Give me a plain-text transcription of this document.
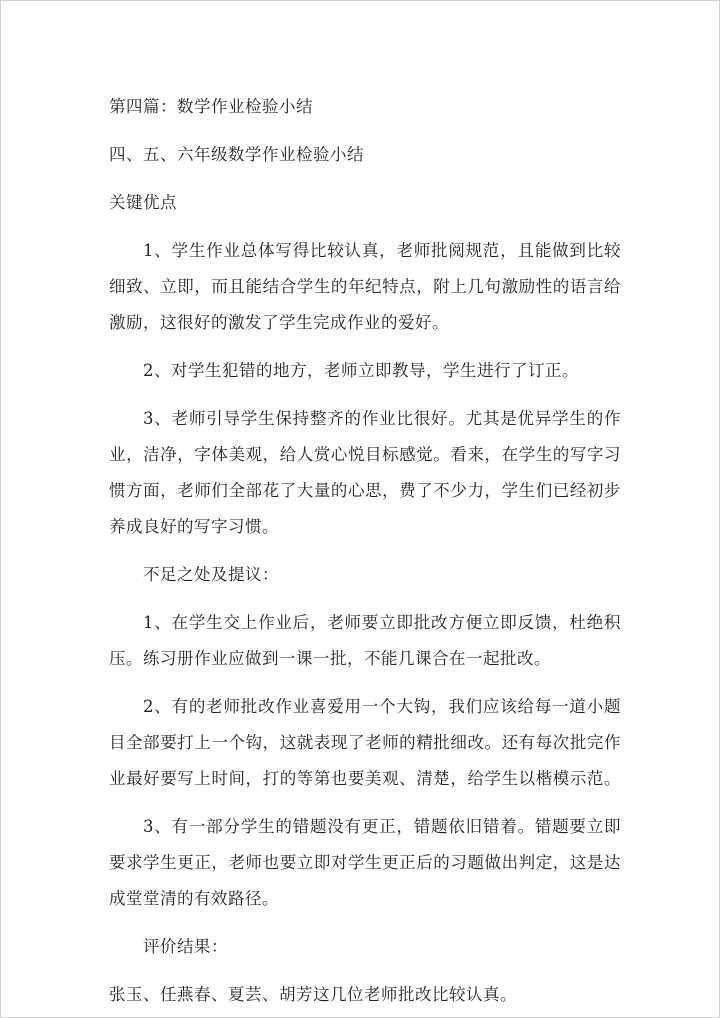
第四篇：数学作业检验小结
四、五、六年级数学作业检验小结
关键优点
1、学生作业总体写得比较认真，老师批阅规范，且能做到比较
细致、立即，而且能结合学生的年纪特点，附上几句激励性的语言给
激励，这很好的激发了学生完成作业的爱好。
2、对学生犯错的地方，老师立即教导，学生进行了订正。
3、老师引导学生保持整齐的作业比很好。尤其是优异学生的作
业，洁净，字体美观，给人赏心悦目标感觉。看来，在学生的写字习
惯方面，老师们全部花了大量的心思，费了不少力，学生们已经初步
养成良好的写字习惯。
不足之处及提议：
1、在学生交上作业后，老师要立即批改方便立即反馈，杜绝积
压。练习册作业应做到一课一批，不能几课合在一起批改。
2、有的老师批改作业喜爱用一个大钩，我们应该给每一道小题
目全部要打上一个钩，这就表现了老师的精批细改。还有每次批完作
业最好要写上时间，打的等第也要美观、清楚，给学生以楷模示范。
3、有一部分学生的错题没有更正，错题依旧错着。错题要立即
要求学生更正，老师也要立即对学生更正后的习题做出判定，这是达
成堂堂清的有效路径。
评价结果：
张玉、任燕春、夏芸、胡芳这几位老师批改比较认真。
